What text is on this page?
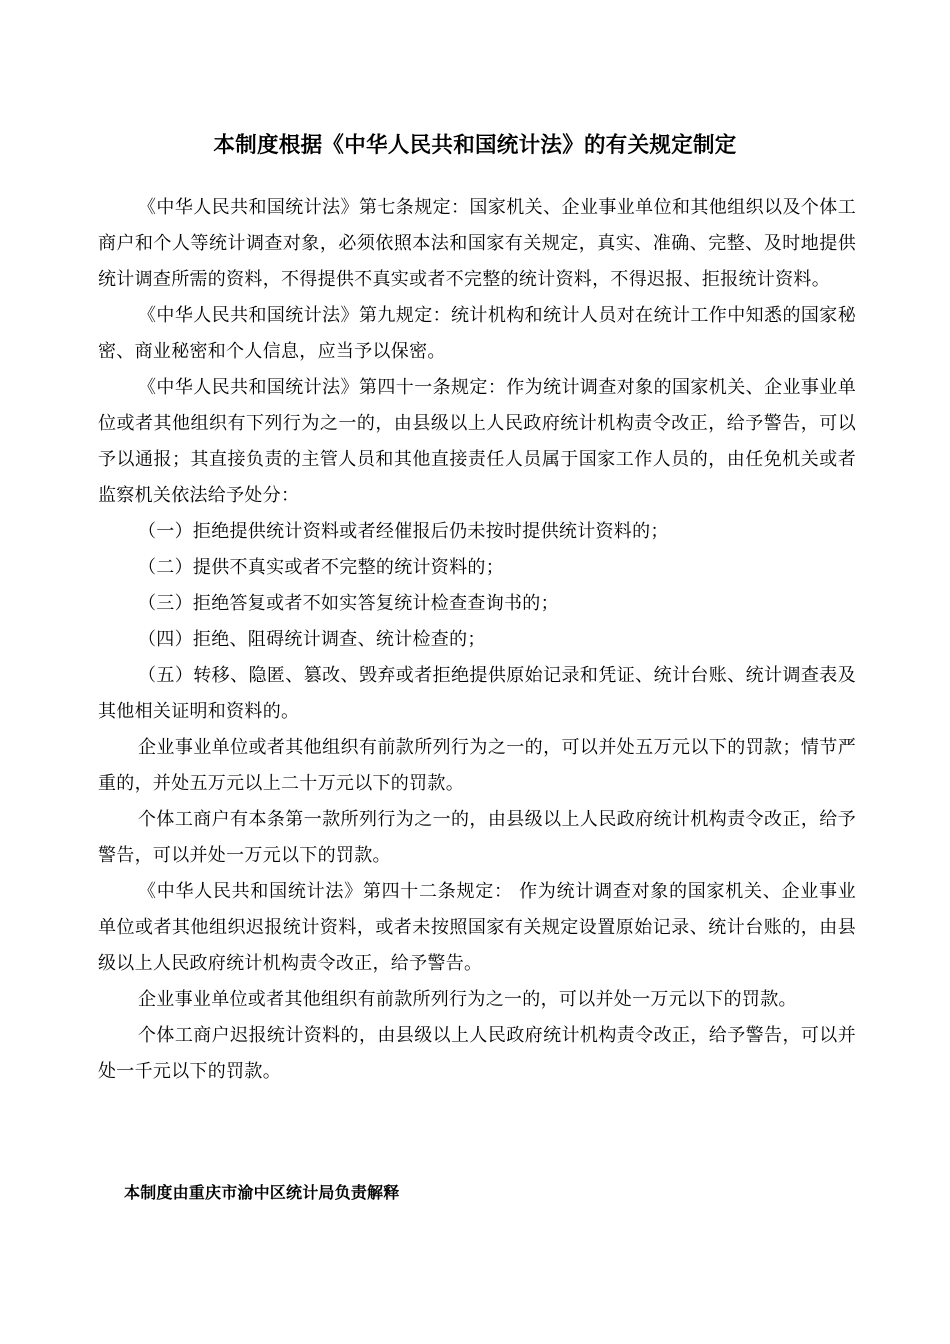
本制度根据《中华人民共和国统计法》的有关规定制定

《中华人民共和国统计法》第七条规定：国家机关、企业事业单位和其他组织以及个体工商户和个人等统计调查对象，必须依照本法和国家有关规定，真实、准确、完整、及时地提供统计调查所需的资料，不得提供不真实或者不完整的统计资料，不得迟报、拒报统计资料。

《中华人民共和国统计法》第九规定：统计机构和统计人员对在统计工作中知悉的国家秘密、商业秘密和个人信息，应当予以保密。

《中华人民共和国统计法》第四十一条规定：作为统计调查对象的国家机关、企业事业单位或者其他组织有下列行为之一的，由县级以上人民政府统计机构责令改正，给予警告，可以予以通报；其直接负责的主管人员和其他直接责任人员属于国家工作人员的，由任免机关或者监察机关依法给予处分：

（一）拒绝提供统计资料或者经催报后仍未按时提供统计资料的；

（二）提供不真实或者不完整的统计资料的；

（三）拒绝答复或者不如实答复统计检查查询书的；

（四）拒绝、阻碍统计调查、统计检查的；

（五）转移、隐匿、篡改、毁弃或者拒绝提供原始记录和凭证、统计台账、统计调查表及其他相关证明和资料的。

企业事业单位或者其他组织有前款所列行为之一的，可以并处五万元以下的罚款；情节严重的，并处五万元以上二十万元以下的罚款。

个体工商户有本条第一款所列行为之一的，由县级以上人民政府统计机构责令改正，给予警告，可以并处一万元以下的罚款。

《中华人民共和国统计法》第四十二条规定： 作为统计调查对象的国家机关、企业事业单位或者其他组织迟报统计资料，或者未按照国家有关规定设置原始记录、统计台账的，由县级以上人民政府统计机构责令改正，给予警告。

企业事业单位或者其他组织有前款所列行为之一的，可以并处一万元以下的罚款。

个体工商户迟报统计资料的，由县级以上人民政府统计机构责令改正，给予警告，可以并处一千元以下的罚款。

本制度由重庆市渝中区统计局负责解释
